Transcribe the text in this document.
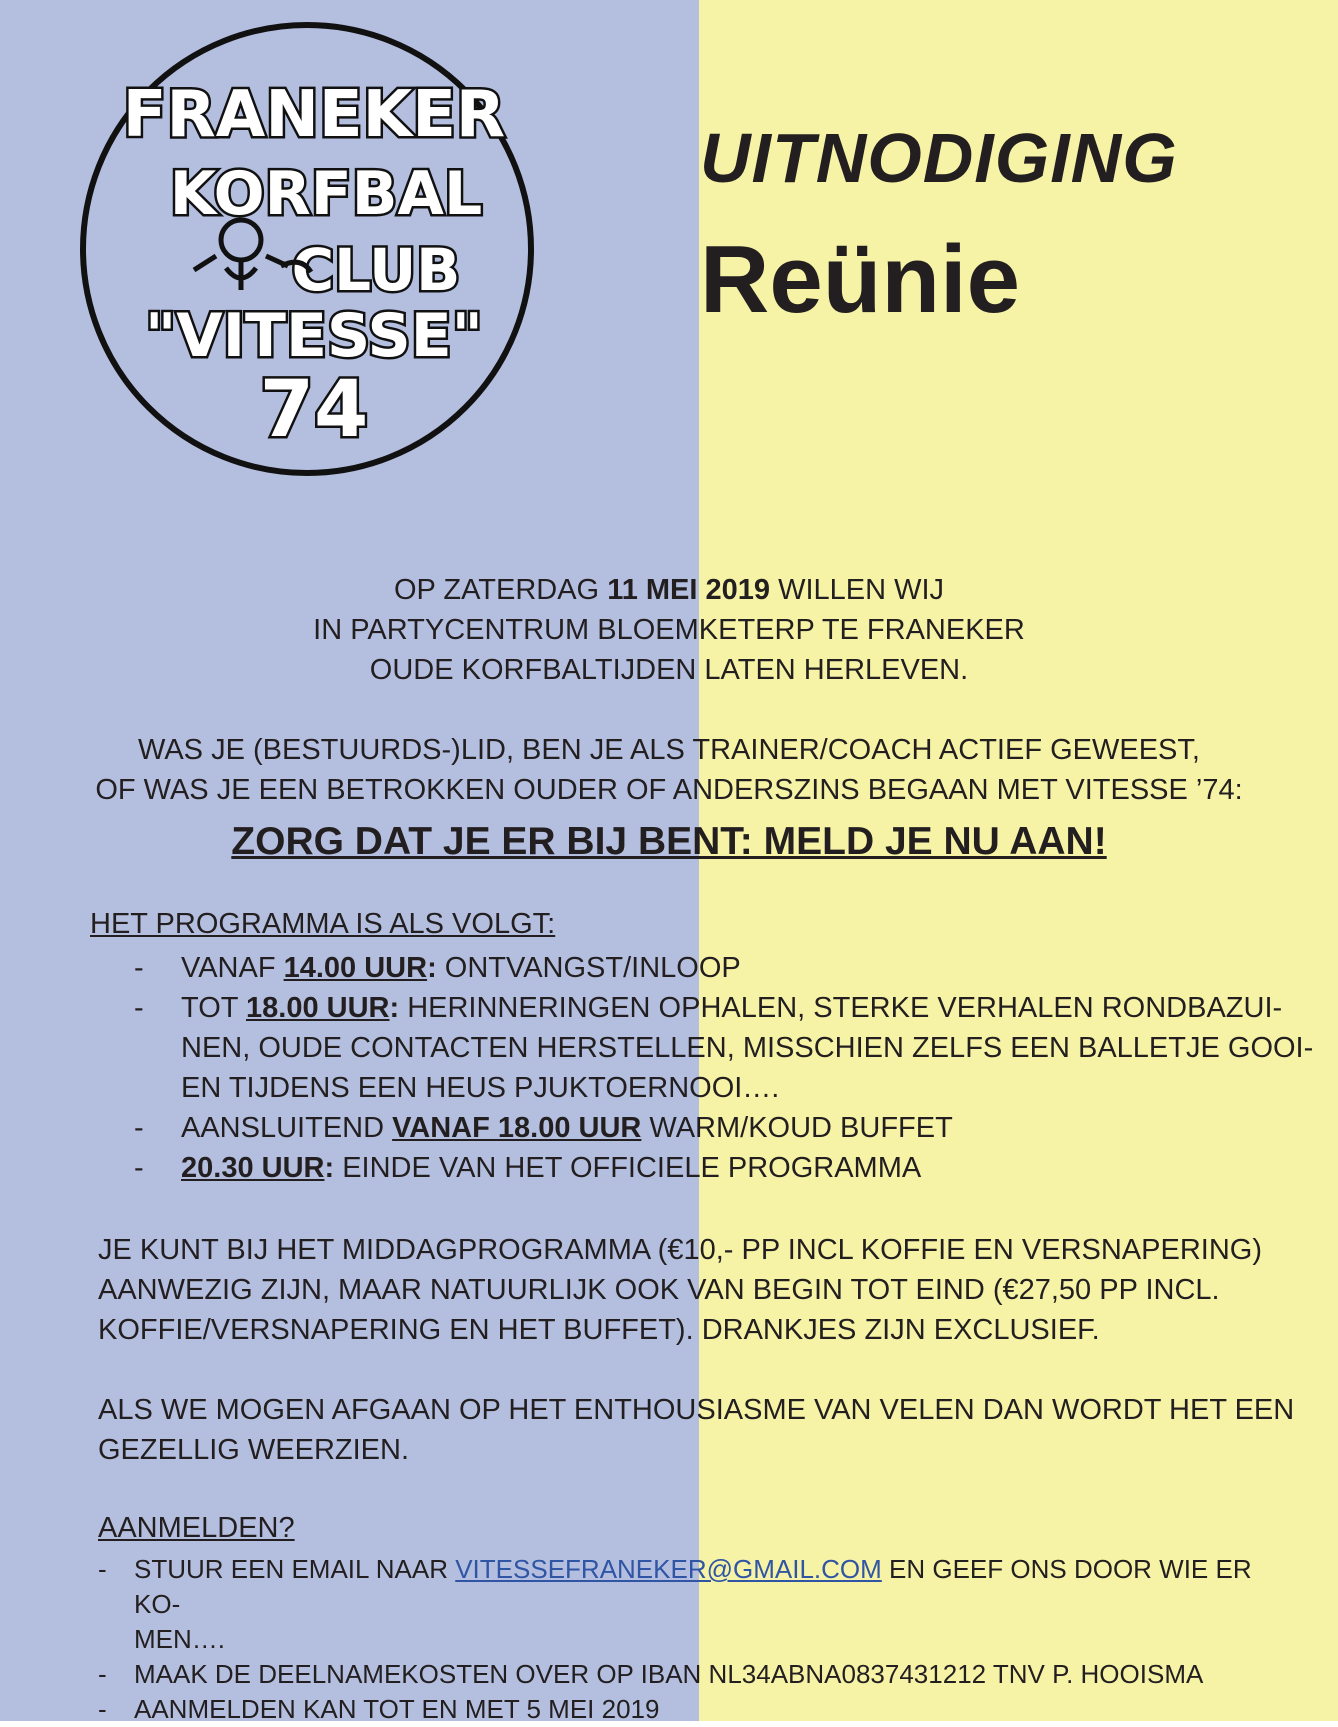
FRANEKER
KORFBAL
CLUB
"VITESSE"
74
UITNODIGING
Reünie
OP ZATERDAG 11 MEI 2019 WILLEN WIJ
IN PARTYCENTRUM BLOEMKETERP TE FRANEKER
OUDE KORFBALTIJDEN LATEN HERLEVEN.
WAS JE (BESTUURDS-)LID, BEN JE ALS TRAINER/COACH ACTIEF GEWEEST,
OF WAS JE EEN BETROKKEN OUDER OF ANDERSZINS BEGAAN MET VITESSE ’74:
ZORG DAT JE ER BIJ BENT: MELD JE NU AAN!
HET PROGRAMMA IS ALS VOLGT:
- VANAF 14.00 UUR: ONTVANGST/INLOOP
- TOT 18.00 UUR: HERINNERINGEN OPHALEN, STERKE VERHALEN RONDBAZUI-
NEN, OUDE CONTACTEN HERSTELLEN, MISSCHIEN ZELFS EEN BALLETJE GOOI-
EN TIJDENS EEN HEUS PJUKTOERNOOI….
- AANSLUITEND VANAF 18.00 UUR WARM/KOUD BUFFET
- 20.30 UUR: EINDE VAN HET OFFICIELE PROGRAMMA
JE KUNT BIJ HET MIDDAGPROGRAMMA (€10,- PP INCL KOFFIE EN VERSNAPERING)
AANWEZIG ZIJN, MAAR NATUURLIJK OOK VAN BEGIN TOT EIND (€27,50 PP INCL.
KOFFIE/VERSNAPERING EN HET BUFFET). DRANKJES ZIJN EXCLUSIEF.
ALS WE MOGEN AFGAAN OP HET ENTHOUSIASME VAN VELEN DAN WORDT HET EEN
GEZELLIG WEERZIEN.
AANMELDEN?
- STUUR EEN EMAIL NAAR VITESSEFRANEKER@GMAIL.COM EN GEEF ONS DOOR WIE ER KO-
MEN….
- MAAK DE DEELNAMEKOSTEN OVER OP IBAN NL34ABNA0837431212 TNV P. HOOISMA
- AANMELDEN KAN TOT EN MET 5 MEI 2019
